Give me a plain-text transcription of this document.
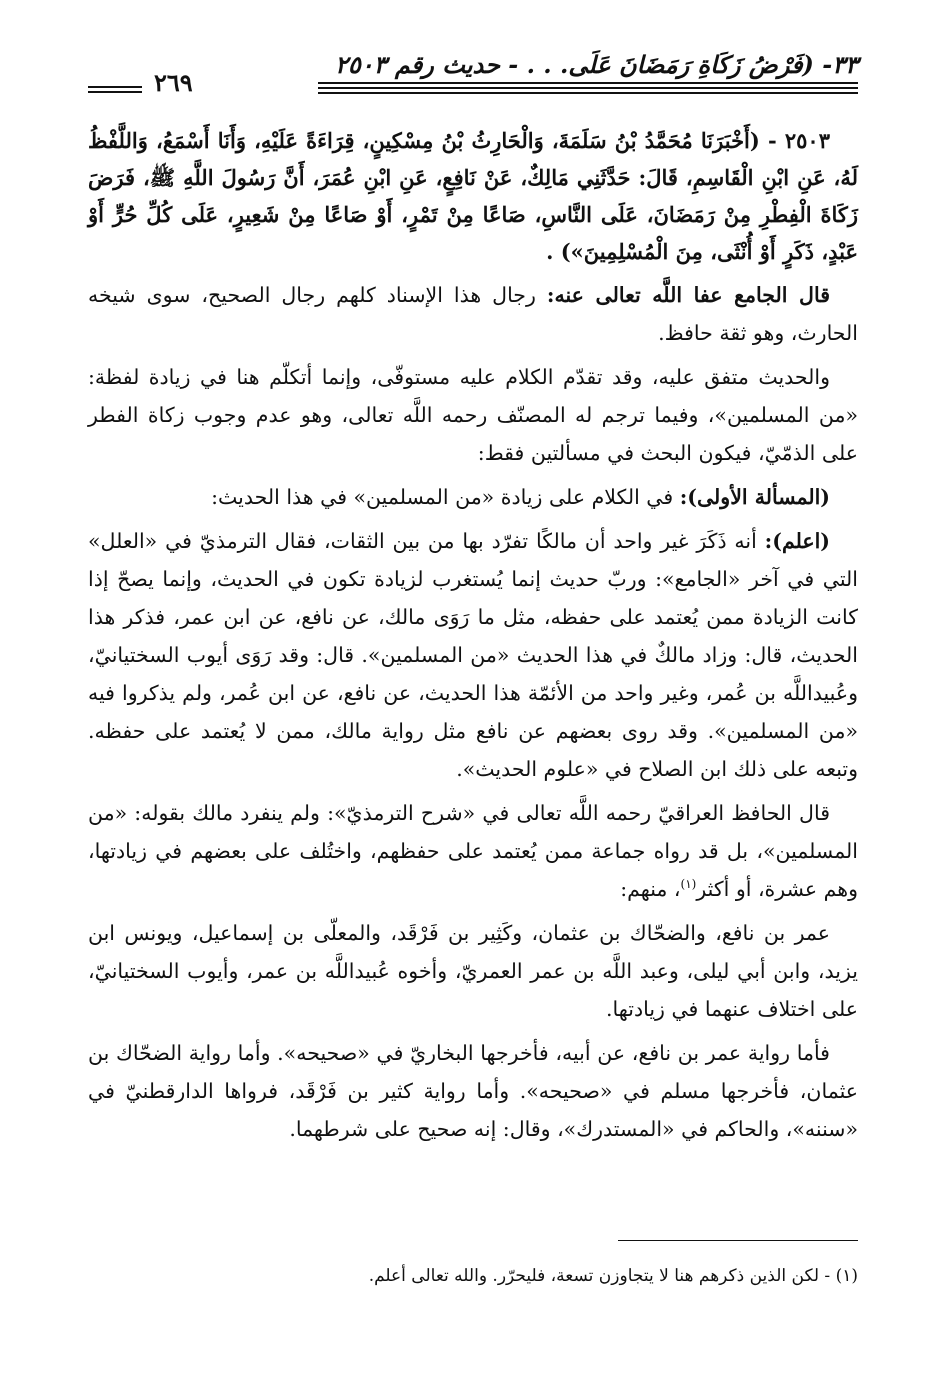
٣٣- (فَرْضُ زَكَاةِ رَمَضَانَ عَلَى. . . - حديث رقم ٢٥٠٣
٢٦٩

٢٥٠٣ - (أَخْبَرَنَا مُحَمَّدُ بْنُ سَلَمَةَ، وَالْحَارِثُ بْنُ مِسْكِينٍ، قِرَاءَةً عَلَيْهِ، وَأَنَا أَسْمَعُ، وَاللَّفْظُ لَهُ، عَنِ ابْنِ الْقَاسِمِ، قَالَ: حَدَّثَنِي مَالِكٌ، عَنْ نَافِعٍ، عَنِ ابْنِ عُمَرَ، أَنَّ رَسُولَ اللَّهِ ﷺ، فَرَضَ زَكَاةَ الْفِطْرِ مِنْ رَمَضَانَ، عَلَى النَّاسِ، صَاعًا مِنْ تَمْرٍ، أَوْ صَاعًا مِنْ شَعِيرٍ، عَلَى كُلِّ حُرٍّ أَوْ عَبْدٍ، ذَكَرٍ أَوْ أُنْثَى، مِنَ الْمُسْلِمِينَ») .

قال الجامع عفا اللَّه تعالى عنه: رجال هذا الإسناد كلهم رجال الصحيح، سوى شيخه الحارث، وهو ثقة حافظ.

والحديث متفق عليه، وقد تقدّم الكلام عليه مستوفّى، وإنما أتكلّم هنا في زيادة لفظة: «من المسلمين»، وفيما ترجم له المصنّف رحمه اللَّه تعالى، وهو عدم وجوب زكاة الفطر على الذمّيّ، فيكون البحث في مسألتين فقط:

(المسألة الأولى): في الكلام على زيادة «من المسلمين» في هذا الحديث:

(اعلم): أنه ذَكَرَ غير واحد أن مالكًا تفرّد بها من بين الثقات، فقال الترمذيّ في «العلل» التي في آخر «الجامع»: وربّ حديث إنما يُستغرب لزيادة تكون في الحديث، وإنما يصحّ إذا كانت الزيادة ممن يُعتمد على حفظه، مثل ما رَوَى مالك، عن نافع، عن ابن عمر، فذكر هذا الحديث، قال: وزاد مالكٌ في هذا الحديث «من المسلمين». قال: وقد رَوَى أيوب السختيانيّ، وعُبيداللَّه بن عُمر، وغير واحد من الأئمّة هذا الحديث، عن نافع، عن ابن عُمر، ولم يذكروا فيه «من المسلمين». وقد روى بعضهم عن نافع مثل رواية مالك، ممن لا يُعتمد على حفظه. وتبعه على ذلك ابن الصلاح في «علوم الحديث».

قال الحافظ العراقيّ رحمه اللَّه تعالى في «شرح الترمذيّ»: ولم ينفرد مالك بقوله: «من المسلمين»، بل قد رواه جماعة ممن يُعتمد على حفظهم، واختُلف على بعضهم في زيادتها، وهم عشرة، أو أكثر$^{(١)}$، منهم:

عمر بن نافع، والضحّاك بن عثمان، وكَثِير بن فَرْقَد، والمعلّى بن إسماعيل، ويونس ابن يزيد، وابن أبي ليلى، وعبد اللَّه بن عمر العمريّ، وأخوه عُبيداللَّه بن عمر، وأيوب السختيانيّ، على اختلاف عنهما في زيادتها.

فأما رواية عمر بن نافع، عن أبيه، فأخرجها البخاريّ في «صحيحه». وأما رواية الضحّاك بن عثمان، فأخرجها مسلم في «صحيحه». وأما رواية كثير بن فَرْقَد، فرواها الدارقطنيّ في «سننه»، والحاكم في «المستدرك»، وقال: إنه صحيح على شرطهما.

(١) - لكن الذين ذكرهم هنا لا يتجاوزن تسعة، فليحرّر. والله تعالى أعلم.
